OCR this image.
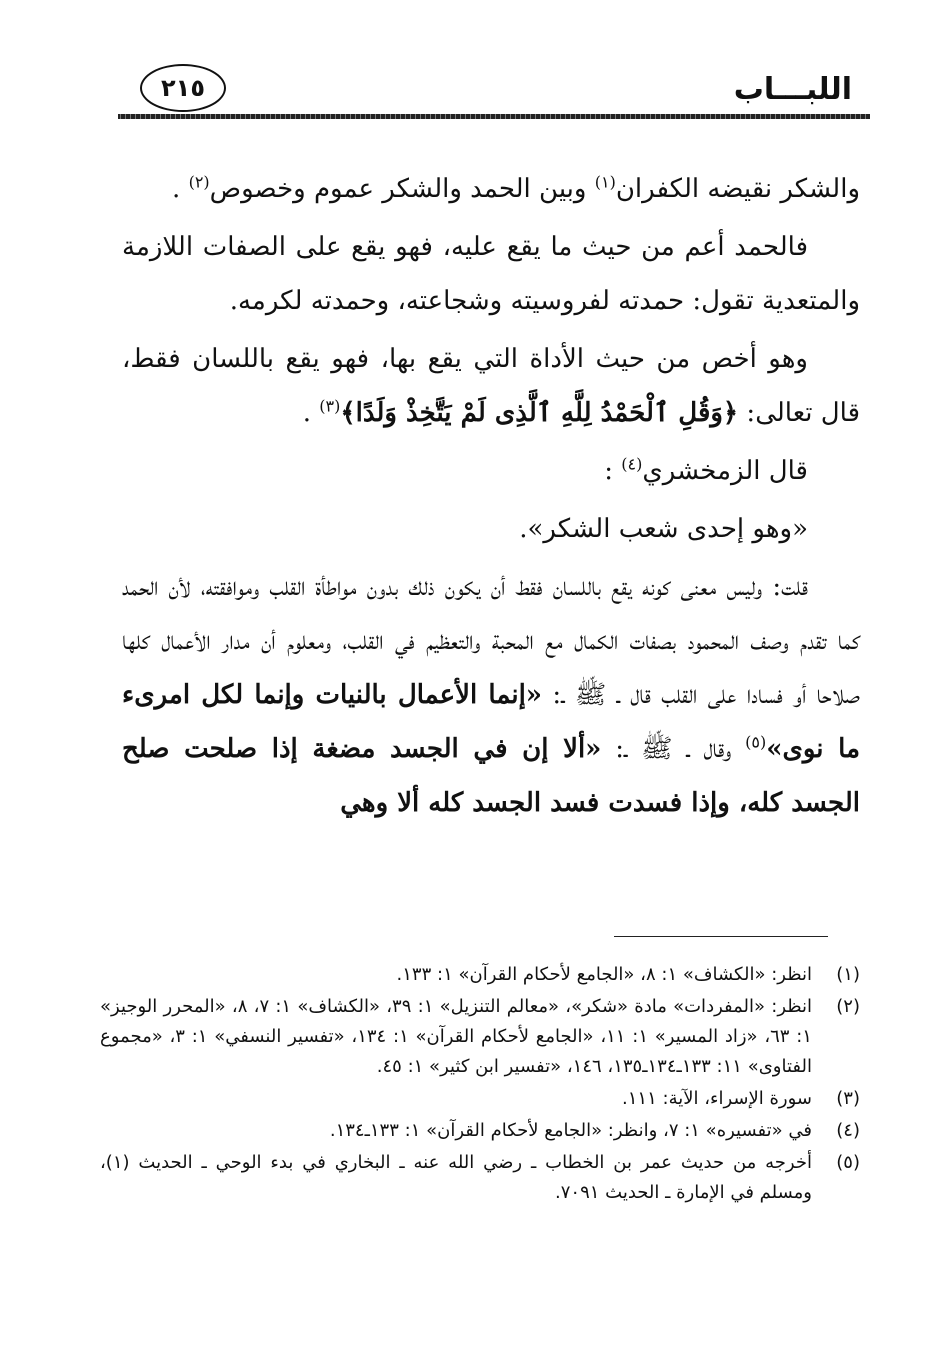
اللبـــاب
٢١٥

والشكر نقيضه الكفران$^{(١)}$ وبين الحمد والشكر عموم وخصوص$^{(٢)}$ .

فالحمد أعم من حيث ما يقع عليه، فهو يقع على الصفات اللازمة والمتعدية تقول: حمدته لفروسيته وشجاعته، وحمدته لكرمه.

وهو أخص من حيث الأداة التي يقع بها، فهو يقع باللسان فقط، قال تعالى: ﴿وَقُلِ ٱلْحَمْدُ لِلَّهِ ٱلَّذِى لَمْ يَتَّخِذْ وَلَدًا﴾$^{(٣)}$ .

قال الزمخشري$^{(٤)}$ :

«وهو إحدى شعب الشكر».

قلت: وليس معنى كونه يقع باللسان فقط أن يكون ذلك بدون مواطأة القلب وموافقته، لأن الحمد كما تقدم وصف المحمود بصفات الكمال مع المحبة والتعظيم في القلب، ومعلوم أن مدار الأعمال كلها صلاحا أو فسادا على القلب قال ـ ﷺ ـ: «إنما الأعمال بالنيات وإنما لكل امرىء ما نوى»$^{(٥)}$ وقال ـ ﷺ ـ: «ألا إن في الجسد مضغة إذا صلحت صلح الجسد كله، وإذا فسدت فسد الجسد كله ألا وهي

(١)
انظر: «الكشاف» ١: ٨، «الجامع لأحكام القرآن» ١: ١٣٣.
(٢)
انظر: «المفردات» مادة «شكر»، «معالم التنزيل» ١: ٣٩، «الكشاف» ١: ٧، ٨، «المحرر الوجيز» ١: ٦٣، «زاد المسير» ١: ١١، «الجامع لأحكام القرآن» ١: ١٣٤، «تفسير النسفي» ١: ٣، «مجموع الفتاوى» ١١: ١٣٣ـ١٣٤ـ١٣٥، ١٤٦، «تفسير ابن كثير» ١: ٤٥.
(٣)
سورة الإسراء، الآية: ١١١.
(٤)
في «تفسيره» ١: ٧، وانظر: «الجامع لأحكام القرآن» ١: ١٣٣ـ١٣٤.
(٥)
أخرجه من حديث عمر بن الخطاب ـ رضي الله عنه ـ البخاري في بدء الوحي ـ الحديث (١)، ومسلم في الإمارة ـ الحديث ٧٠٩١.
